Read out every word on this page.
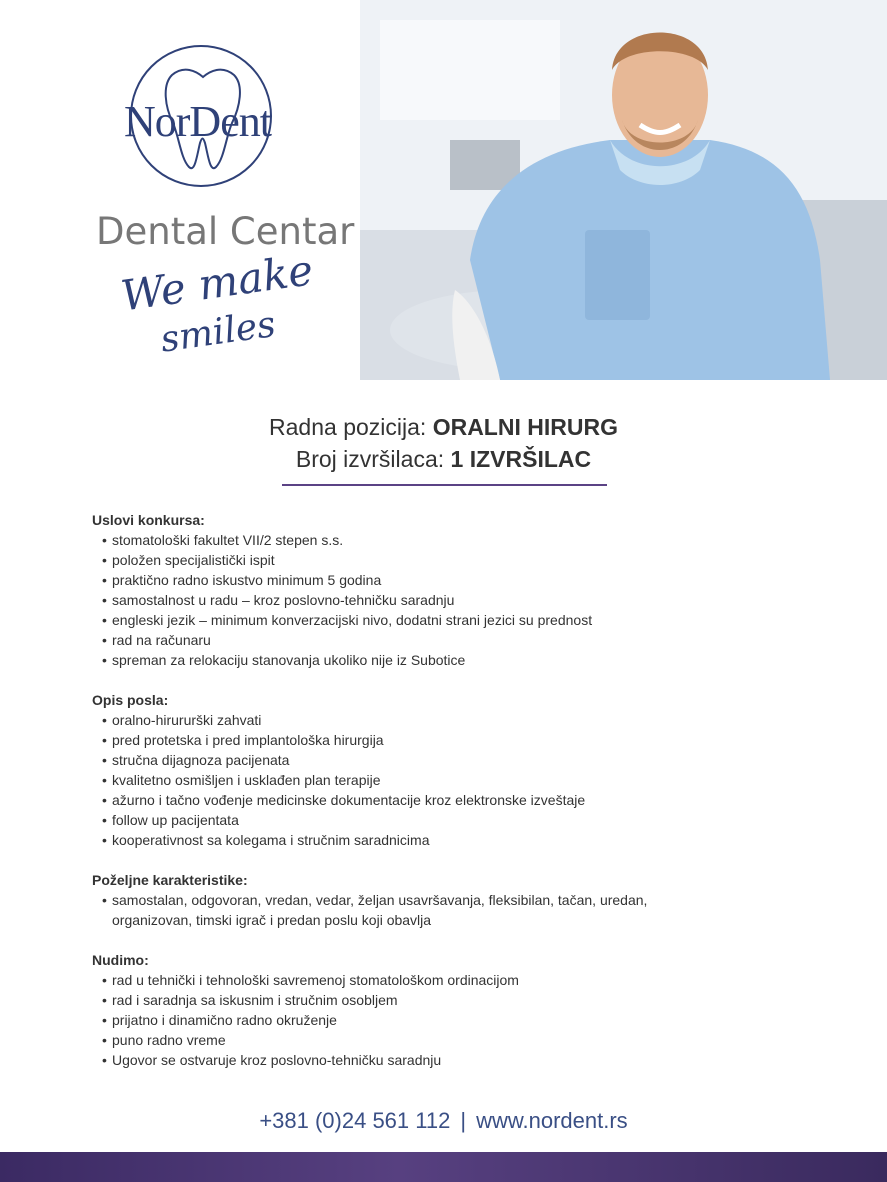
NorDent
Dental Centar
We make
smiles
Radna pozicija: ORALNI HIRURG
Broj izvršilaca: 1 IZVRŠILAC
Uslovi konkursa:
• stomatološki fakultet VII/2 stepen s.s.
• položen specijalistički ispit
• praktično radno iskustvo minimum 5 godina
• samostalnost u radu – kroz poslovno-tehničku saradnju
• engleski jezik – minimum konverzacijski nivo, dodatni strani jezici su prednost
• rad na računaru
• spreman za relokaciju stanovanja ukoliko nije iz Subotice
Opis posla:
• oralno-hirururški zahvati
• pred protetska i pred implantološka hirurgija
• stručna dijagnoza pacijenata
• kvalitetno osmišljen i usklađen plan terapije
• ažurno i tačno vođenje medicinske dokumentacije kroz elektronske izveštaje
• follow up pacijentata
• kooperativnost sa kolegama i stručnim saradnicima
Poželjne karakteristike:
• samostalan, odgovoran, vredan, vedar, željan usavršavanja, fleksibilan, tačan, uredan, organizovan, timski igrač i predan poslu koji obavlja
Nudimo:
• rad u tehnički i tehnološki savremenoj stomatološkom ordinacijom
• rad i saradnja sa iskusnim i stručnim osobljem
• prijatno i dinamično radno okruženje
• puno radno vreme
• Ugovor se ostvaruje kroz poslovno-tehničku saradnju
+381 (0)24 561 112 | www.nordent.rs
